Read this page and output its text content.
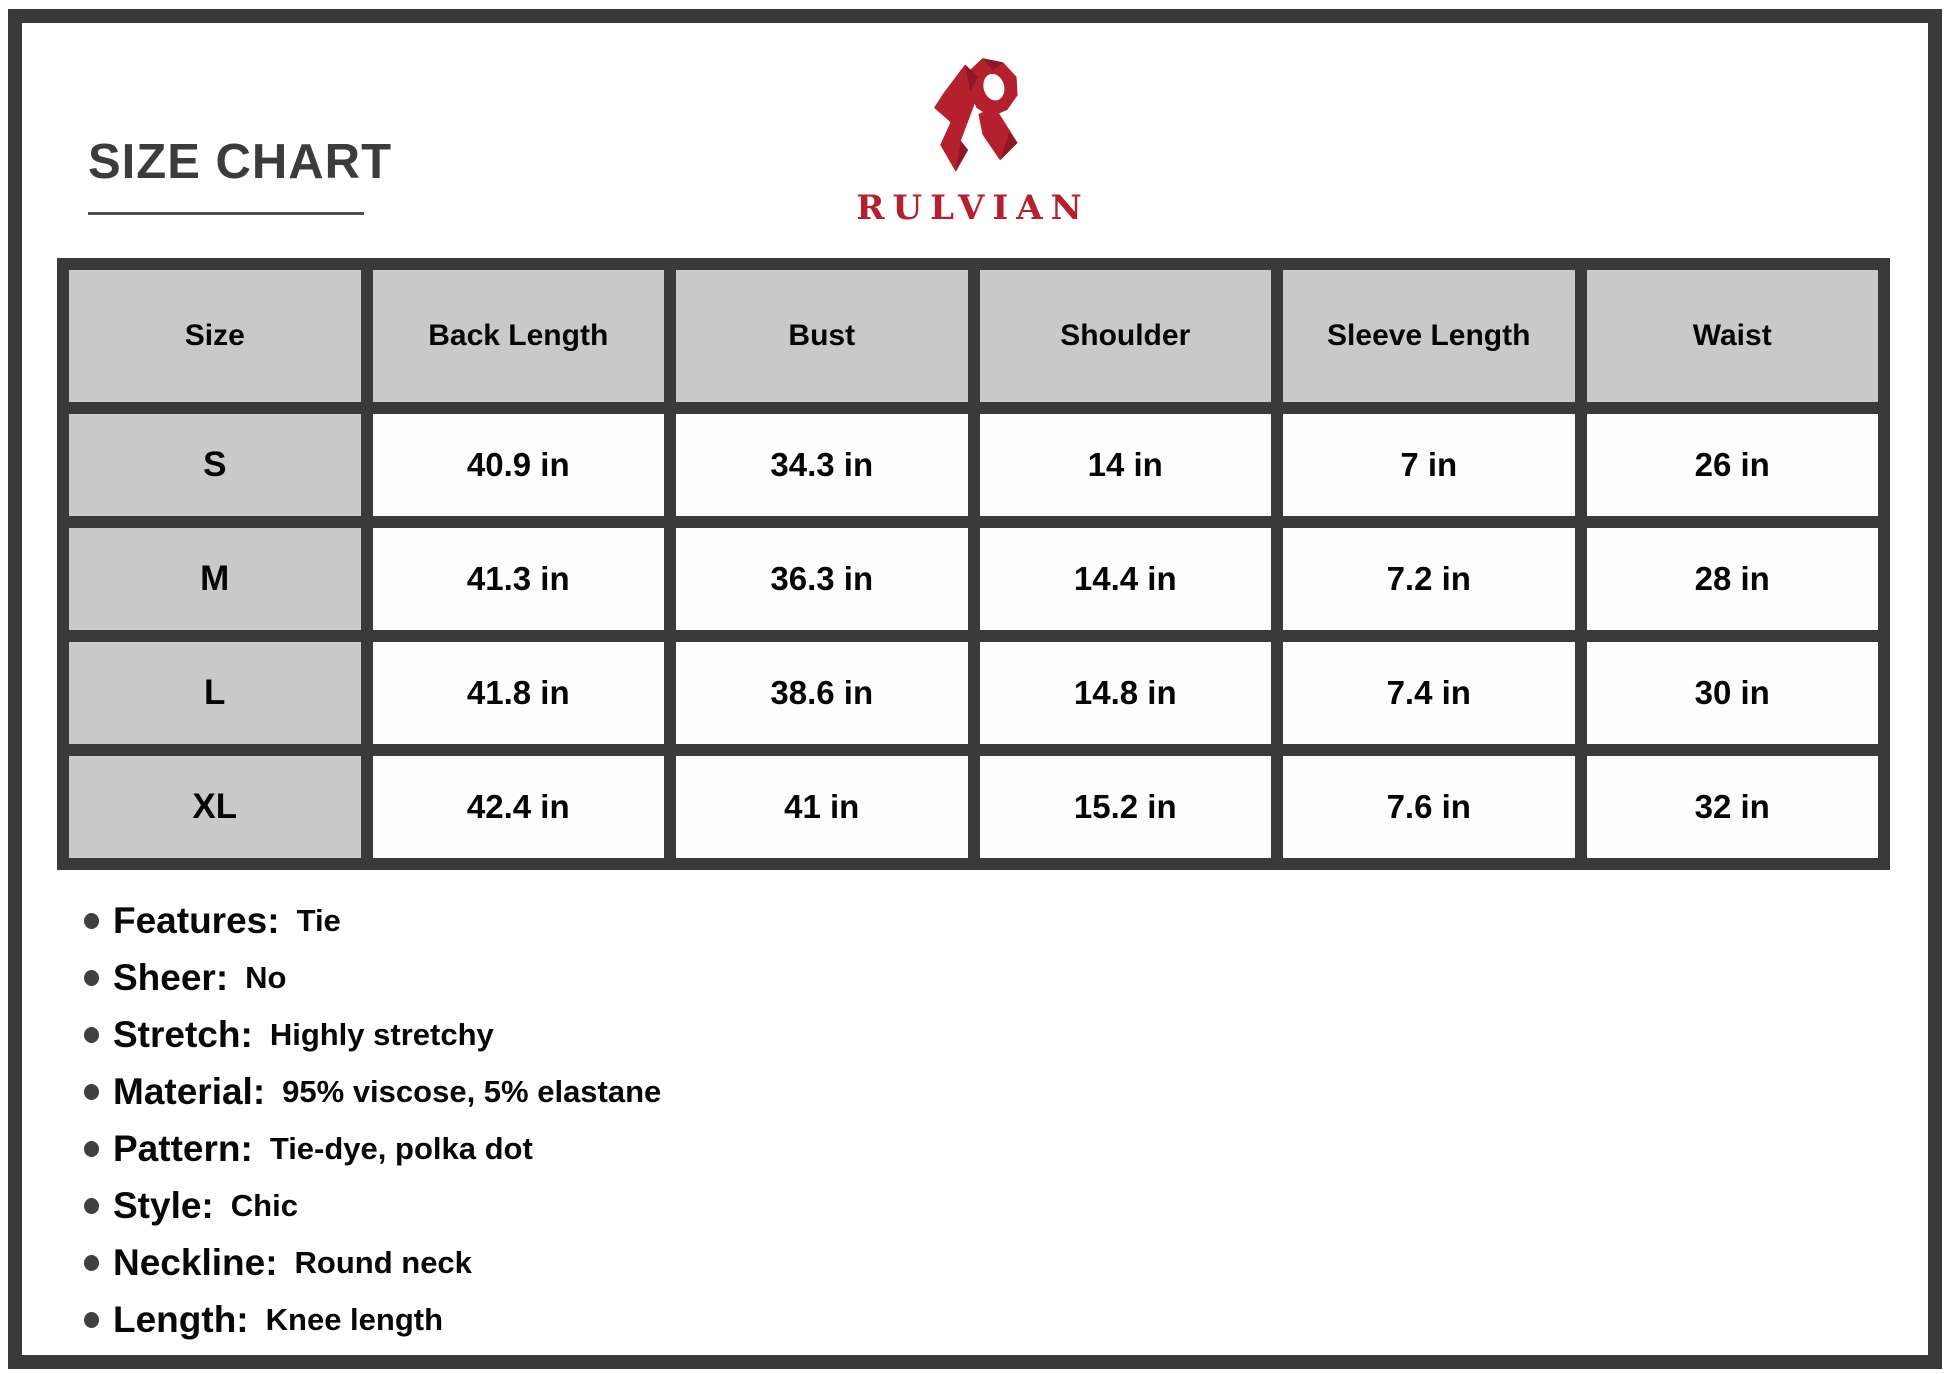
SIZE CHART
RULVIAN
Size	Back Length	Bust	Shoulder	Sleeve Length	Waist
S	40.9 in	34.3 in	14 in	7 in	26 in
M	41.3 in	36.3 in	14.4 in	7.2 in	28 in
L	41.8 in	38.6 in	14.8 in	7.4 in	30 in
XL	42.4 in	41 in	15.2 in	7.6 in	32 in
Features: Tie
Sheer: No
Stretch: Highly stretchy
Material: 95% viscose, 5% elastane
Pattern: Tie-dye, polka dot
Style: Chic
Neckline: Round neck
Length: Knee length
